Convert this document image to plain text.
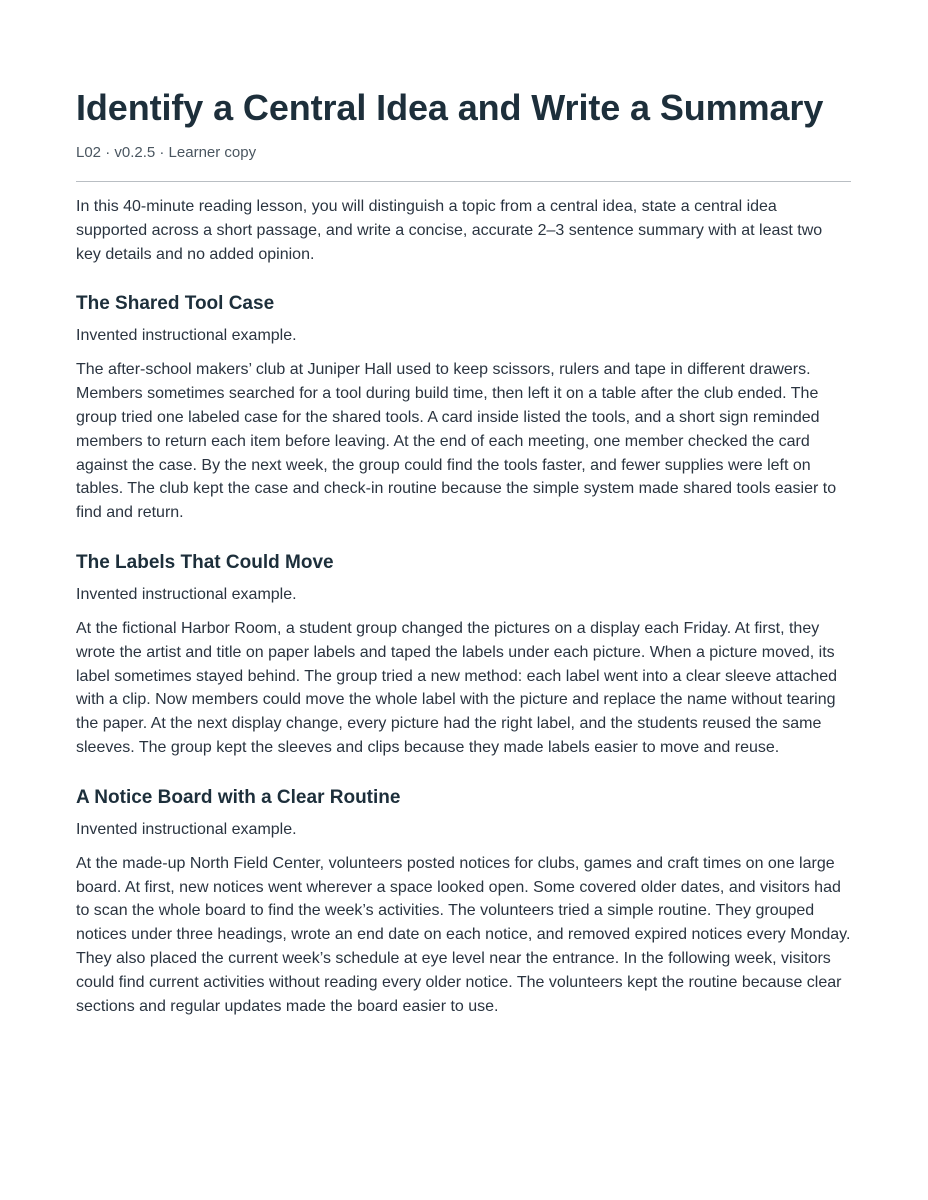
Identify a Central Idea and Write a Summary

L02 · v0.2.5 · Learner copy

In this 40-minute reading lesson, you will distinguish a topic from a central idea, state a central idea supported across a short passage, and write a concise, accurate 2–3 sentence summary with at least two key details and no added opinion.

The Shared Tool Case

Invented instructional example.

The after-school makers’ club at Juniper Hall used to keep scissors, rulers and tape in different drawers. Members sometimes searched for a tool during build time, then left it on a table after the club ended. The group tried one labeled case for the shared tools. A card inside listed the tools, and a short sign reminded members to return each item before leaving. At the end of each meeting, one member checked the card against the case. By the next week, the group could find the tools faster, and fewer supplies were left on tables. The club kept the case and check-in routine because the simple system made shared tools easier to find and return.

The Labels That Could Move

Invented instructional example.

At the fictional Harbor Room, a student group changed the pictures on a display each Friday. At first, they wrote the artist and title on paper labels and taped the labels under each picture. When a picture moved, its label sometimes stayed behind. The group tried a new method: each label went into a clear sleeve attached with a clip. Now members could move the whole label with the picture and replace the name without tearing the paper. At the next display change, every picture had the right label, and the students reused the same sleeves. The group kept the sleeves and clips because they made labels easier to move and reuse.

A Notice Board with a Clear Routine

Invented instructional example.

At the made-up North Field Center, volunteers posted notices for clubs, games and craft times on one large board. At first, new notices went wherever a space looked open. Some covered older dates, and visitors had to scan the whole board to find the week’s activities. The volunteers tried a simple routine. They grouped notices under three headings, wrote an end date on each notice, and removed expired notices every Monday. They also placed the current week’s schedule at eye level near the entrance. In the following week, visitors could find current activities without reading every older notice. The volunteers kept the routine because clear sections and regular updates made the board easier to use.
